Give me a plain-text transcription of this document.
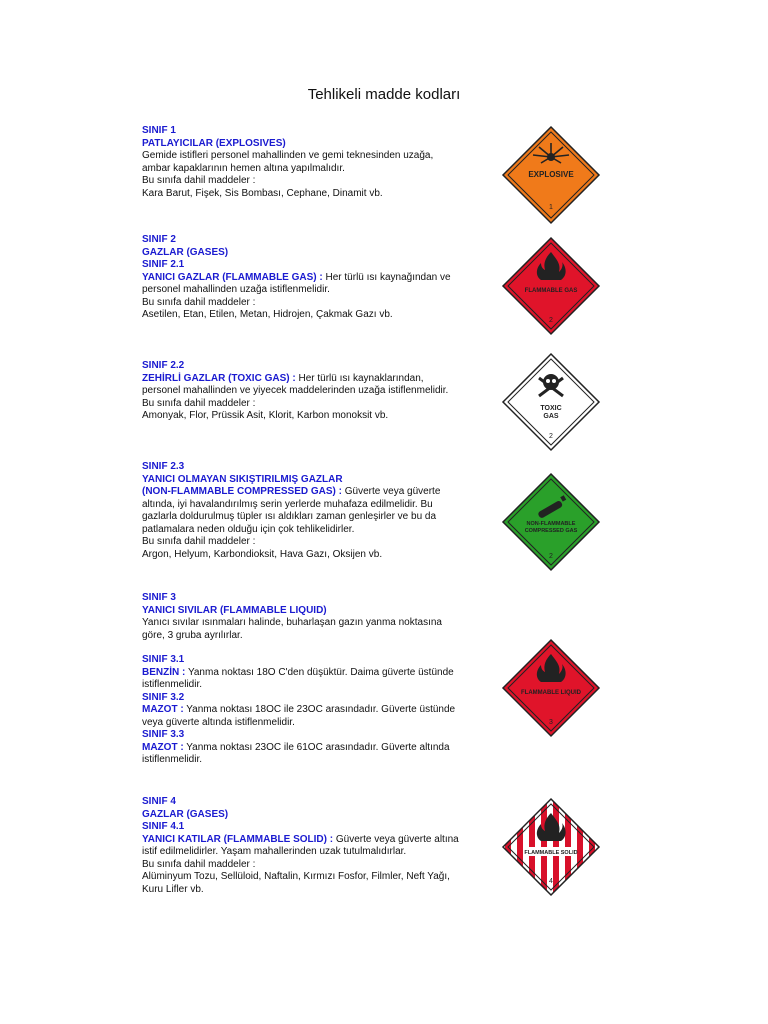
Tehlikeli madde kodları
SINIF 1
PATLAYICILAR (EXPLOSIVES)
Gemide istifleri personel mahallinden ve gemi teknesinden uzağa,
ambar kapaklarının hemen altına yapılmalıdır.
Bu sınıfa dahil maddeler :
Kara Barut, Fişek, Sis Bombası, Cephane, Dinamit vb.
EXPLOSIVE
1
SINIF 2
GAZLAR (GASES)
SINIF 2.1
YANICI GAZLAR (FLAMMABLE GAS) : Her türlü ısı kaynağından ve
personel mahallinden uzağa istiflenmelidir.
Bu sınıfa dahil maddeler :
Asetilen, Etan, Etilen, Metan, Hidrojen, Çakmak Gazı vb.
FLAMMABLE GAS
2
SINIF 2.2
ZEHİRLİ GAZLAR (TOXIC GAS) : Her türlü ısı kaynaklarından,
personel mahallinden ve yiyecek maddelerinden uzağa istiflenmelidir.
Bu sınıfa dahil maddeler :
Amonyak, Flor, Prüssik Asit, Klorit, Karbon monoksit vb.
TOXIC
GAS
2
SINIF 2.3
YANICI OLMAYAN SIKIŞTIRILMIŞ GAZLAR
(NON-FLAMMABLE COMPRESSED GAS) : Güverte veya güverte
altında, iyi havalandırılmış serin yerlerde muhafaza edilmelidir. Bu
gazlarla doldurulmuş tüpler ısı aldıkları zaman genleşirler ve bu da
patlamalara neden olduğu için çok tehlikelidirler.
Bu sınıfa dahil maddeler :
Argon, Helyum, Karbondioksit, Hava Gazı, Oksijen vb.
NON-FLAMMABLE
COMPRESSED GAS
2
SINIF 3
YANICI SIVILAR (FLAMMABLE LIQUID)
Yanıcı sıvılar ısınmaları halinde, buharlaşan gazın yanma noktasına
göre, 3 gruba ayrılırlar.
SINIF 3.1
BENZİN : Yanma noktası 18O C'den düşüktür. Daima güverte üstünde
istiflenmelidir.
SINIF 3.2
MAZOT : Yanma noktası 18OC ile 23OC arasındadır. Güverte üstünde
veya güverte altında istiflenmelidir.
SINIF 3.3
MAZOT : Yanma noktası 23OC ile 61OC arasındadır. Güverte altında
istiflenmelidir.
FLAMMABLE LIQUID
3
SINIF 4
GAZLAR (GASES)
SINIF 4.1
YANICI KATILAR (FLAMMABLE SOLID) : Güverte veya güverte altına
istif edilmelidirler. Yaşam mahallerinden uzak tutulmalıdırlar.
Bu sınıfa dahil maddeler :
Alüminyum Tozu, Sellüloid, Naftalin, Kırmızı Fosfor, Filmler, Neft Yağı,
Kuru Lifler vb.
FLAMMABLE SOLID
4
